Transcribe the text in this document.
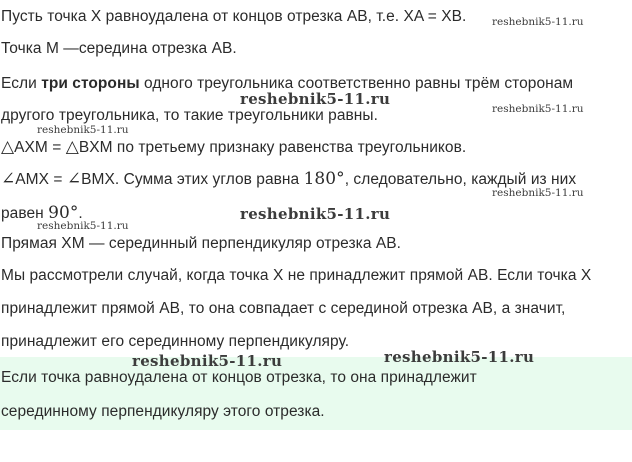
Пусть точка X равноудалена от концов отрезка AB, т.е. XA = XB.
Точка M —середина отрезка AB.
Если три стороны одного треугольника соответственно равны трём сторонам
другого треугольника, то такие треугольники равны.
△AXM = △BXM по третьему признаку равенства треугольников.
∠AMX = ∠BMX. Сумма этих углов равна 180°, следовательно, каждый из них
равен 90°.
Прямая XM — серединный перпендикуляр отрезка AB.
Мы рассмотрели случай, когда точка X не принадлежит прямой AB. Если точка X
принадлежит прямой AB, то она совпадает с серединой отрезка AB, а значит,
принадлежит его серединному перпендикуляру.
Если точка равноудалена от концов отрезка, то она принадлежит
серединному перпендикуляру этого отрезка.
reshebnik5-11.ru
reshebnik5-11.ru
reshebnik5-11.ru
reshebnik5-11.ru
reshebnik5-11.ru
reshebnik5-11.ru
reshebnik5-11.ru
reshebnik5-11.ru	reshebnik5-11.ru
